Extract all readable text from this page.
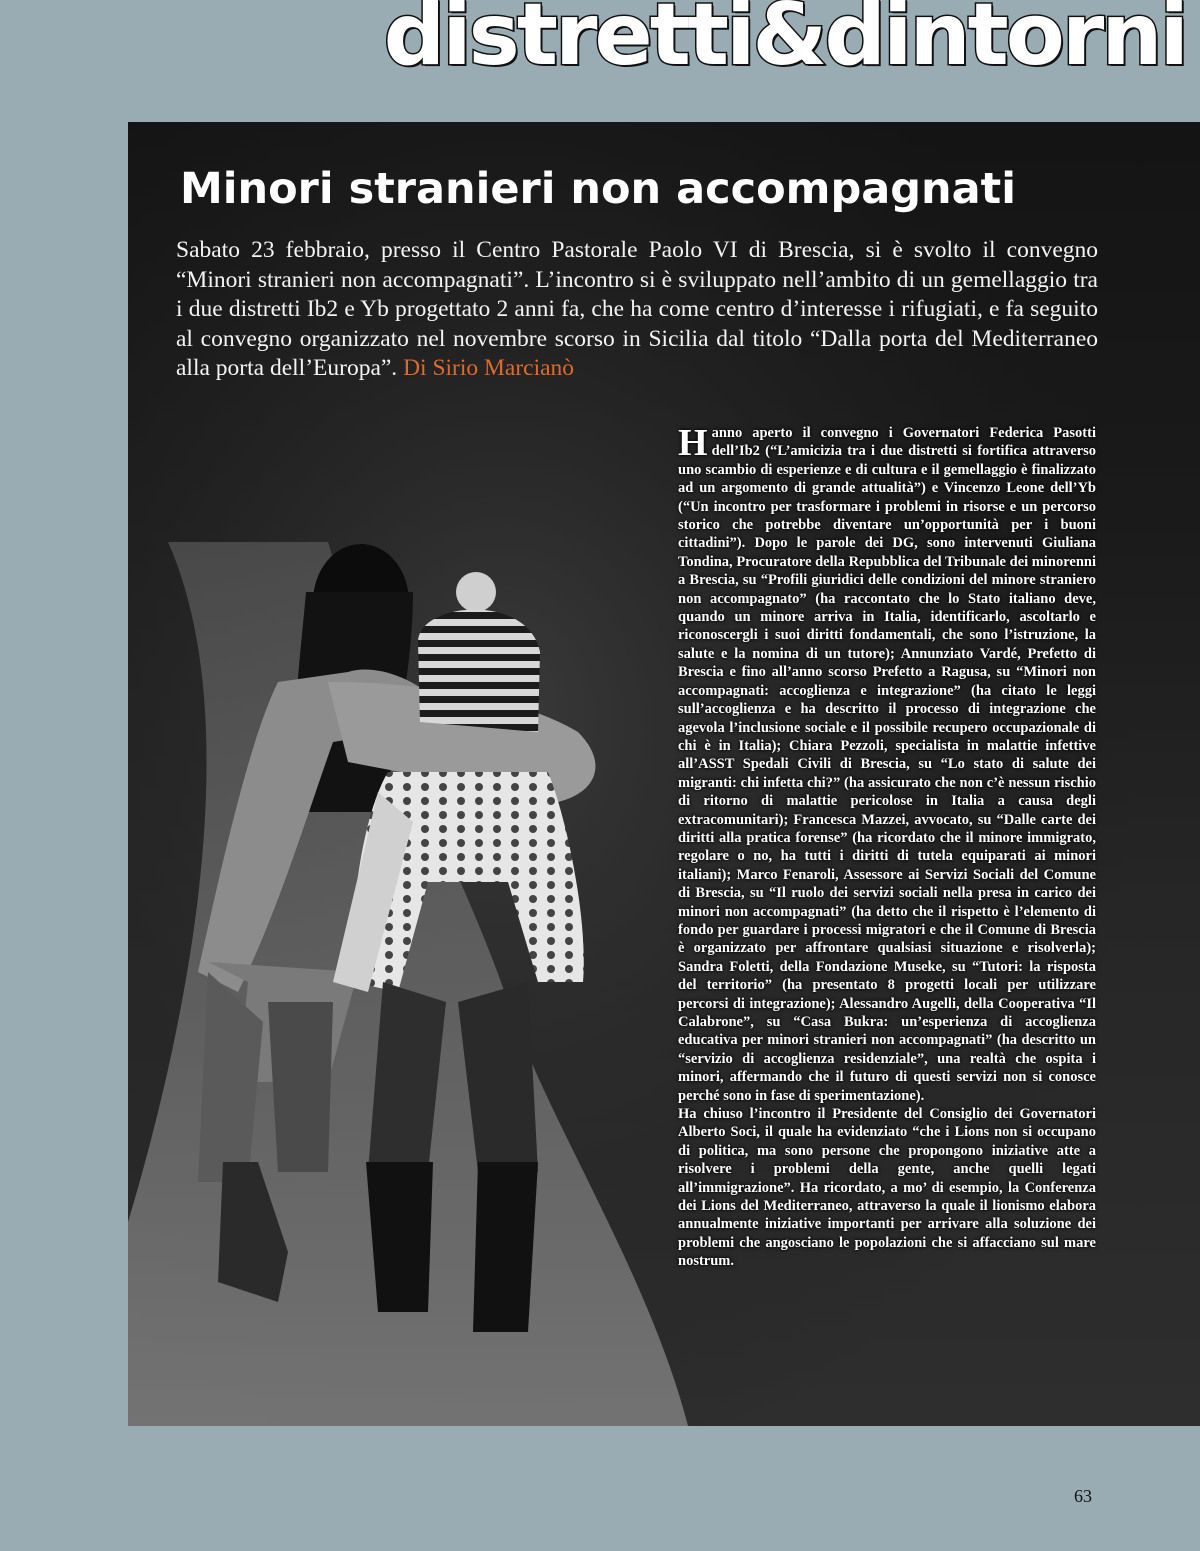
distretti&dintorni
Minori stranieri non accompagnati

Sabato 23 febbraio, presso il Centro Pastorale Paolo VI di Brescia, si è svolto il convegno “Minori stranieri non accompagnati”. L’incontro si è sviluppato nell’ambito di un gemellaggio tra i due distretti Ib2 e Yb progettato 2 anni fa, che ha come centro d’interesse i rifugiati, e fa seguito al convegno organizzato nel novembre scorso in Sicilia dal titolo “Dalla porta del Mediterraneo alla porta dell’Europa”. Di Sirio Marcianò

Hanno aperto il convegno i Governatori Federica Pasotti dell’Ib2 (“L’amicizia tra i due distretti si fortifica attraverso uno scambio di esperienze e di cultura e il gemellaggio è finalizzato ad un argomento di grande attualità”) e Vincenzo Leone dell’Yb (“Un incontro per trasformare i problemi in risorse e un percorso storico che potrebbe diventare un’opportunità per i buoni cittadini”). Dopo le parole dei DG, sono intervenuti Giuliana Tondina, Procuratore della Repubblica del Tribunale dei minorenni a Brescia, su “Profili giuridici delle condizioni del minore straniero non accompagnato” (ha raccontato che lo Stato italiano deve, quando un minore arriva in Italia, identificarlo, ascoltarlo e riconoscergli i suoi diritti fondamentali, che sono l’istruzione, la salute e la nomina di un tutore); Annunziato Vardé, Prefetto di Brescia e fino all’anno scorso Prefetto a Ragusa, su “Minori non accompagnati: accoglienza e integrazione” (ha citato le leggi sull’accoglienza e ha descritto il processo di integrazione che agevola l’inclusione sociale e il possibile recupero occupazionale di chi è in Italia); Chiara Pezzoli, specialista in malattie infettive all’ASST Spedali Civili di Brescia, su “Lo stato di salute dei migranti: chi infetta chi?” (ha assicurato che non c’è nessun rischio di ritorno di malattie pericolose in Italia a causa degli extracomunitari); Francesca Mazzei, avvocato, su “Dalle carte dei diritti alla pratica forense” (ha ricordato che il minore immigrato, regolare o no, ha tutti i diritti di tutela equiparati ai minori italiani); Marco Fenaroli, Assessore ai Servizi Sociali del Comune di Brescia, su “Il ruolo dei servizi sociali nella presa in carico dei minori non accompagnati” (ha detto che il rispetto è l’elemento di fondo per guardare i processi migratori e che il Comune di Brescia è organizzato per affrontare qualsiasi situazione e risolverla); Sandra Foletti, della Fondazione Museke, su “Tutori: la risposta del territorio” (ha presentato 8 progetti locali per utilizzare percorsi di integrazione); Alessandro Augelli, della Cooperativa “Il Calabrone”, su “Casa Bukra: un’esperienza di accoglienza educativa per minori stranieri non accompagnati” (ha descritto un “servizio di accoglienza residenziale”, una realtà che ospita i minori, affermando che il futuro di questi servizi non si conosce perché sono in fase di sperimentazione).

Ha chiuso l’incontro il Presidente del Consiglio dei Governatori Alberto Soci, il quale ha evidenziato “che i Lions non si occupano di politica, ma sono persone che propongono iniziative atte a risolvere i problemi della gente, anche quelli legati all’immigrazione”. Ha ricordato, a mo’ di esempio, la Conferenza dei Lions del Mediterraneo, attraverso la quale il lionismo elabora annualmente iniziative importanti per arrivare alla soluzione dei problemi che angosciano le popolazioni che si affacciano sul mare nostrum.

63
